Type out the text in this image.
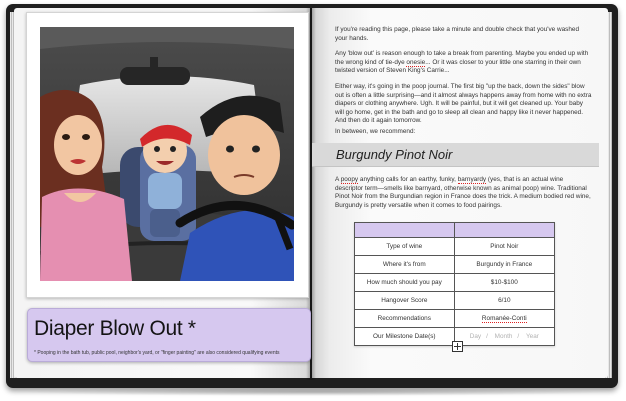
Diaper Blow Out *
* Pooping in the bath tub, public pool, neighbor's yard, or "finger painting" are also considered qualifying events
If you're reading this page, please take a minute and double check that you've washed your hands.
Any 'blow out' is reason enough to take a break from parenting. Maybe you ended up with the wrong kind of tie-dye onesie... Or it was closer to your little one starring in their own twisted version of Steven King's Carrie...
Either way, it's going in the poop journal. The first big "up the back, down the sides" blow out is often a little surprising—and it almost always happens away from home with no extra diapers or clothing anywhere. Ugh. It will be painful, but it will get cleaned up. Your baby will go home, get in the bath and go to sleep all clean and happy like it never happened. And then do it again tomorrow.
In between, we recommend:
Burgundy Pinot Noir
A poopy anything calls for an earthy, funky, barnyardy (yes, that is an actual wine descriptor term—smells like barnyard, otherwise known as animal poop) wine. Traditional Pinot Noir from the Burgundian region in France does the trick. A medium bodied red wine, Burgundy is pretty versatile when it comes to food pairings.

Type of wine	Pinot Noir
Where it's from	Burgundy in France
How much should you pay	$10-$100
Hangover Score	6/10
Recommendations	Romanée-Conti
Our Milestone Date(s)	Day / Month / Year
